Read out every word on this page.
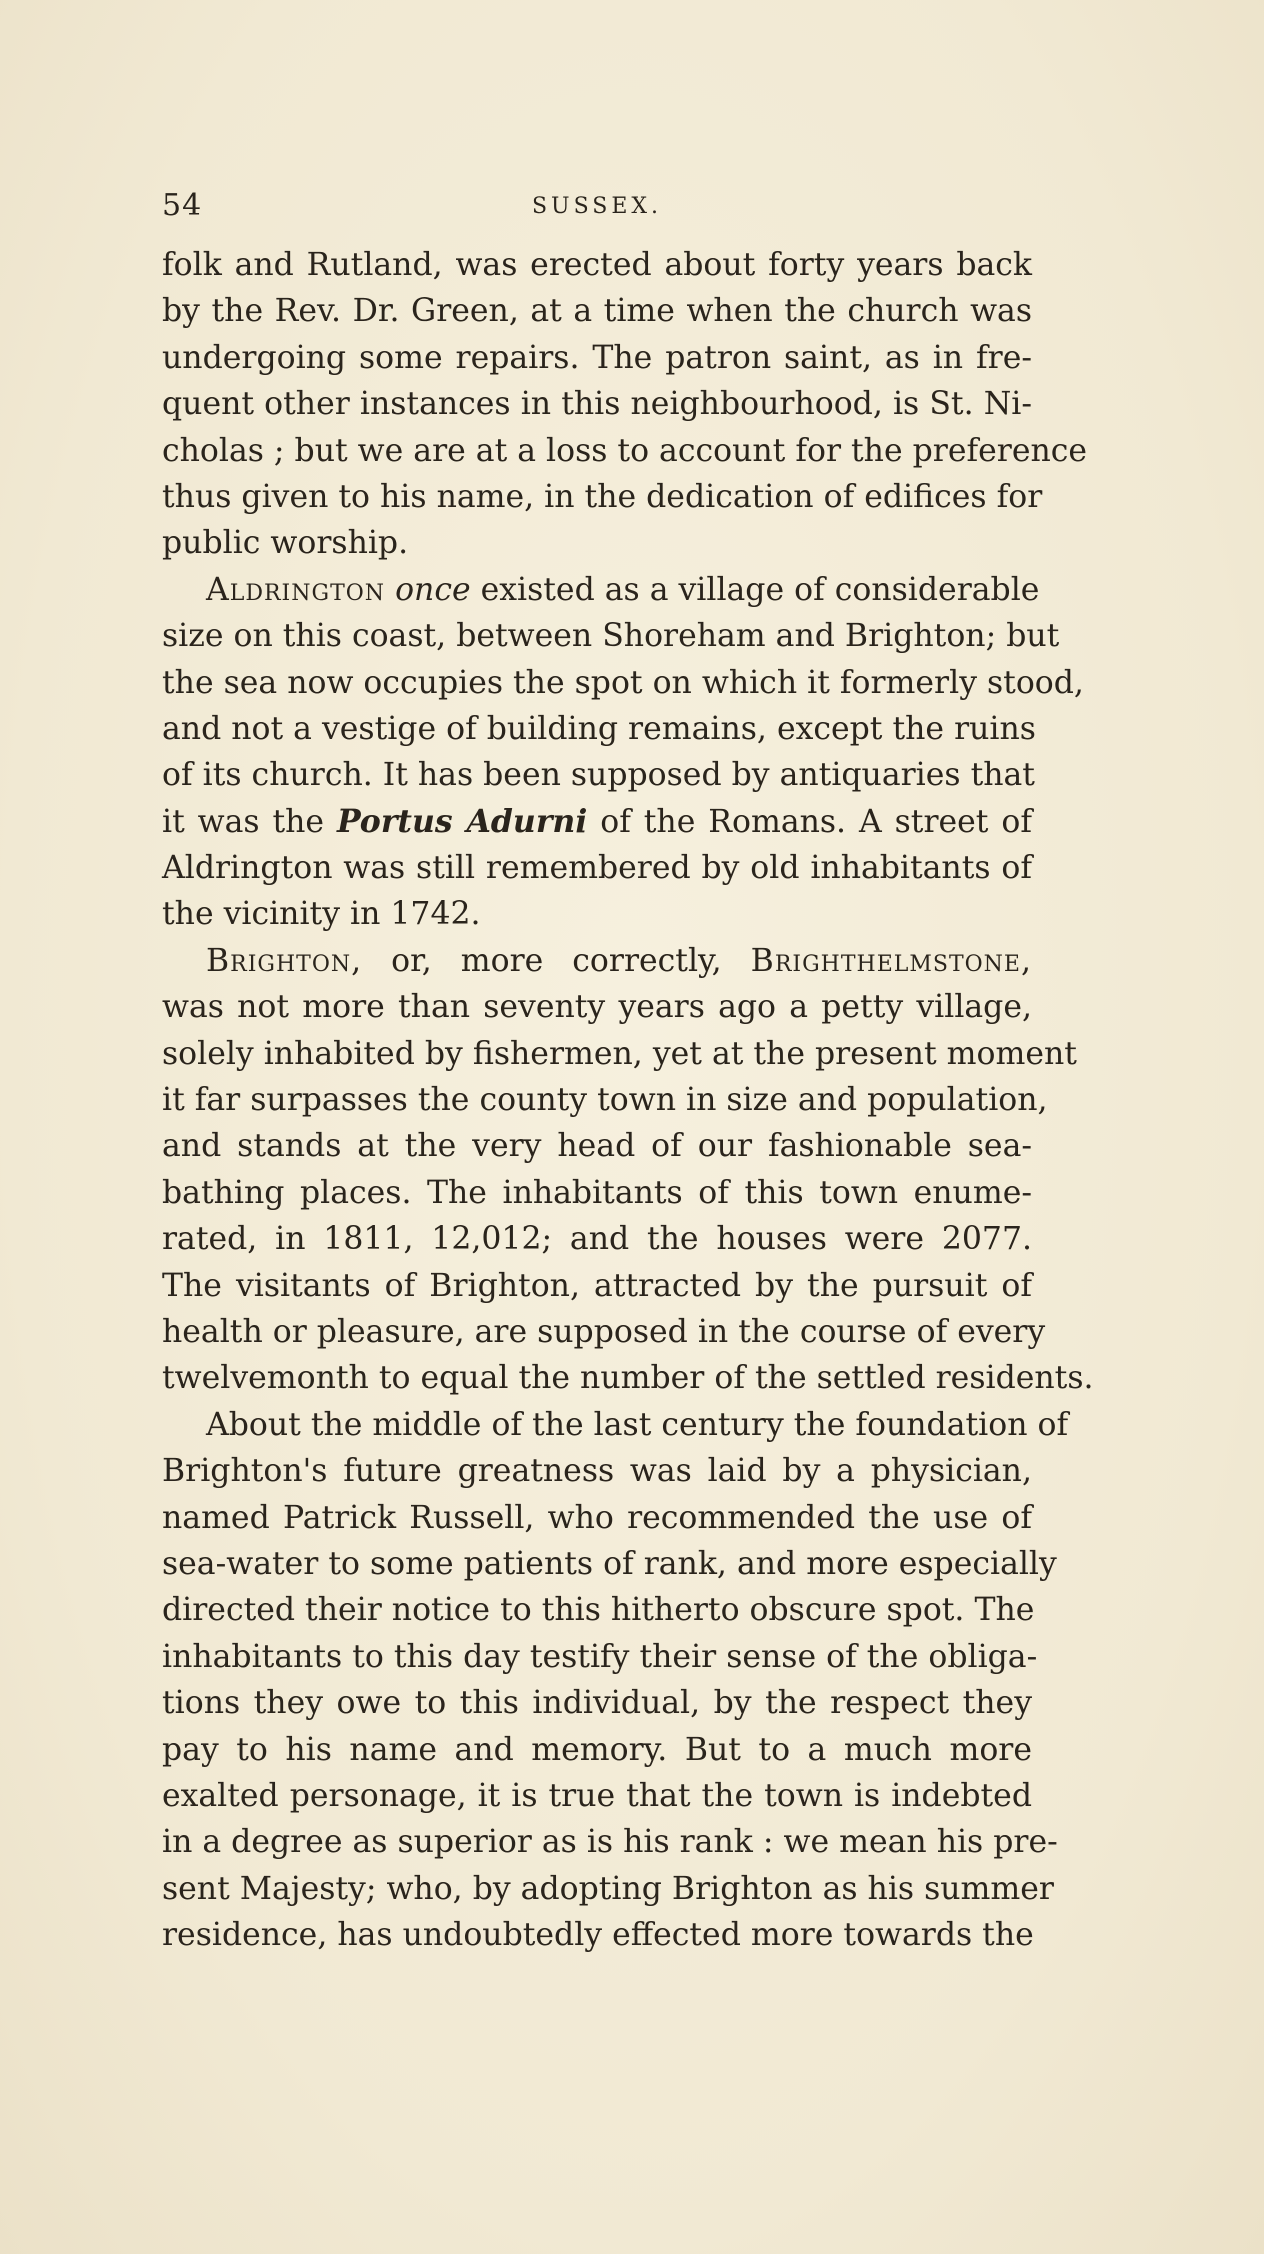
54	SUSSEX.
folk and Rutland, was erected about forty years back
by the Rev. Dr. Green, at a time when the church was
undergoing some repairs. The patron saint, as in fre-
quent other instances in this neighbourhood, is St. Ni-
cholas ; but we are at a loss to account for the preference
thus given to his name, in the dedication of edifices for
public worship.
Aldrington once existed as a village of considerable
size on this coast, between Shoreham and Brighton; but
the sea now occupies the spot on which it formerly stood,
and not a vestige of building remains, except the ruins
of its church. It has been supposed by antiquaries that
it was the Portus Adurni of the Romans. A street of
Aldrington was still remembered by old inhabitants of
the vicinity in 1742.
Brighton, or, more correctly, Brighthelmstone,
was not more than seventy years ago a petty village,
solely inhabited by fishermen, yet at the present moment
it far surpasses the county town in size and population,
and stands at the very head of our fashionable sea-
bathing places. The inhabitants of this town enume-
rated, in 1811, 12,012; and the houses were 2077.
The visitants of Brighton, attracted by the pursuit of
health or pleasure, are supposed in the course of every
twelvemonth to equal the number of the settled residents.
About the middle of the last century the foundation of
Brighton's future greatness was laid by a physician,
named Patrick Russell, who recommended the use of
sea-water to some patients of rank, and more especially
directed their notice to this hitherto obscure spot. The
inhabitants to this day testify their sense of the obliga-
tions they owe to this individual, by the respect they
pay to his name and memory. But to a much more
exalted personage, it is true that the town is indebted
in a degree as superior as is his rank : we mean his pre-
sent Majesty; who, by adopting Brighton as his summer
residence, has undoubtedly effected more towards the
